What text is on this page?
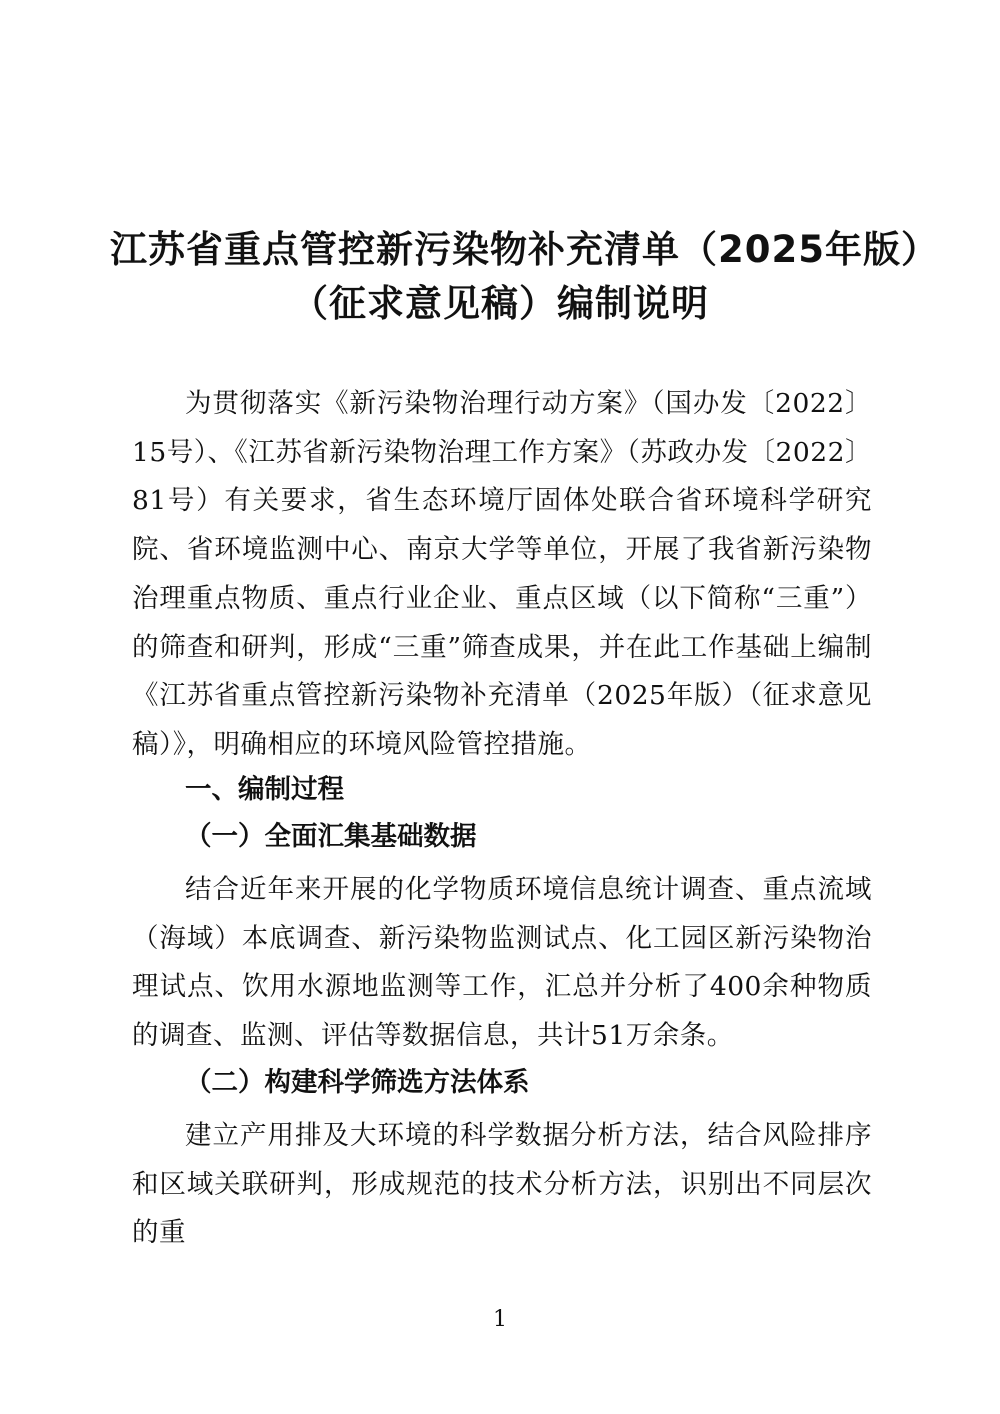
江苏省重点管控新污染物补充清单（2025年版）
（征求意见稿）编制说明
为贯彻落实《新污染物治理行动方案》（国办发〔2022〕15号）、《江苏省新污染物治理工作方案》（苏政办发〔2022〕81号）有关要求，省生态环境厅固体处联合省环境科学研究院、省环境监测中心、南京大学等单位，开展了我省新污染物治理重点物质、重点行业企业、重点区域（以下简称“三重”）的筛查和研判，形成“三重”筛查成果，并在此工作基础上编制《江苏省重点管控新污染物补充清单（2025年版）（征求意见稿）》，明确相应的环境风险管控措施。
一、编制过程
（一）全面汇集基础数据
结合近年来开展的化学物质环境信息统计调查、重点流域（海域）本底调查、新污染物监测试点、化工园区新污染物治理试点、饮用水源地监测等工作，汇总并分析了400余种物质的调查、监测、评估等数据信息，共计51万余条。
（二）构建科学筛选方法体系
建立产用排及大环境的科学数据分析方法，结合风险排序和区域关联研判，形成规范的技术分析方法，识别出不同层次的重
1
